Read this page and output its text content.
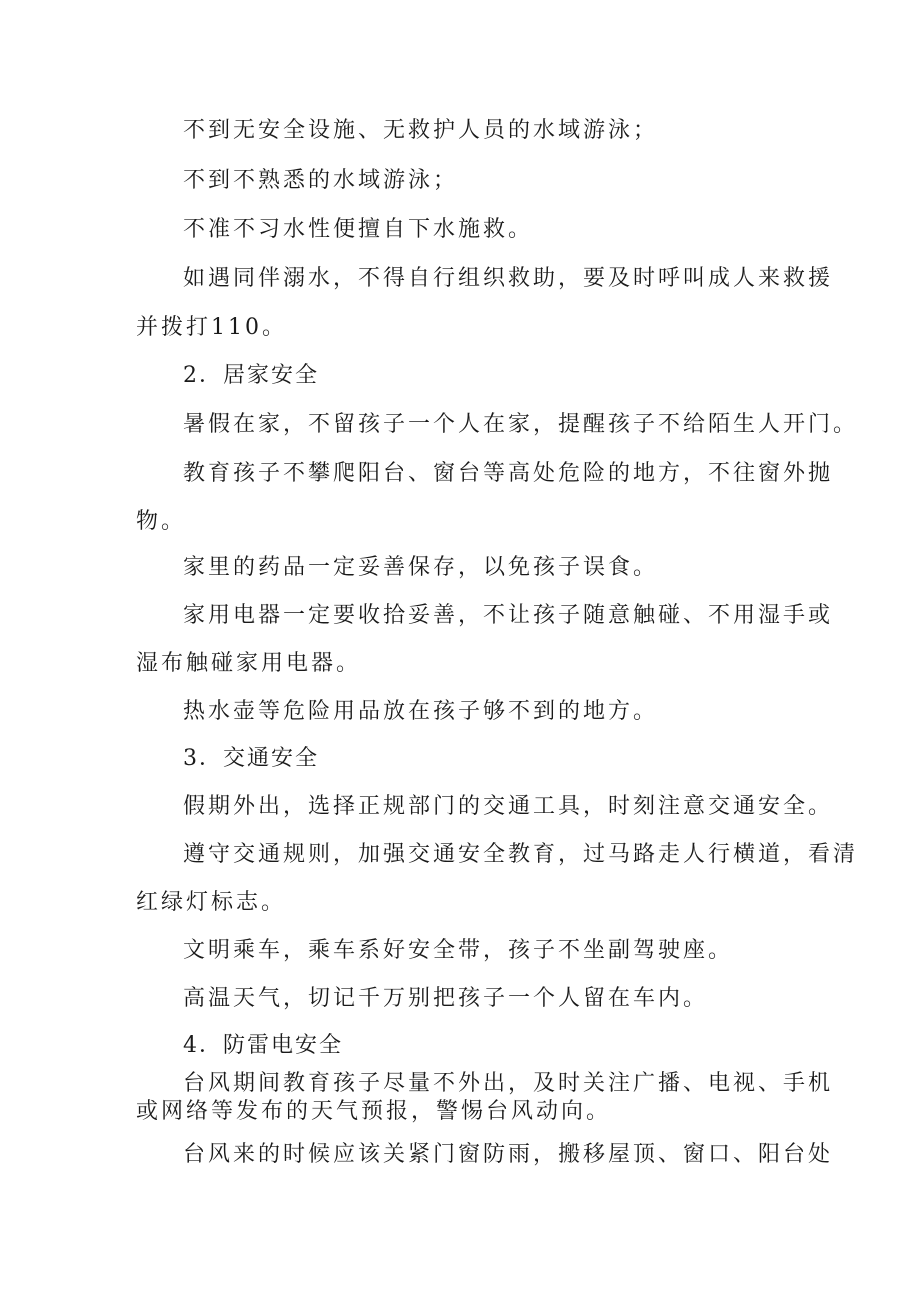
不到无安全设施、无救护人员的水域游泳；
不到不熟悉的水域游泳；
不准不习水性便擅自下水施救。
如遇同伴溺水，不得自行组织救助，要及时呼叫成人来救援
并拨打110。
2．居家安全
暑假在家，不留孩子一个人在家，提醒孩子不给陌生人开门。
教育孩子不攀爬阳台、窗台等高处危险的地方，不往窗外抛
物。
家里的药品一定妥善保存，以免孩子误食。
家用电器一定要收拾妥善，不让孩子随意触碰、不用湿手或
湿布触碰家用电器。
热水壶等危险用品放在孩子够不到的地方。
3．交通安全
假期外出，选择正规部门的交通工具，时刻注意交通安全。
遵守交通规则，加强交通安全教育，过马路走人行横道，看清
红绿灯标志。
文明乘车，乘车系好安全带，孩子不坐副驾驶座。
高温天气，切记千万别把孩子一个人留在车内。
4．防雷电安全
台风期间教育孩子尽量不外出，及时关注广播、电视、手机
或网络等发布的天气预报，警惕台风动向。
台风来的时候应该关紧门窗防雨，搬移屋顶、窗口、阳台处
